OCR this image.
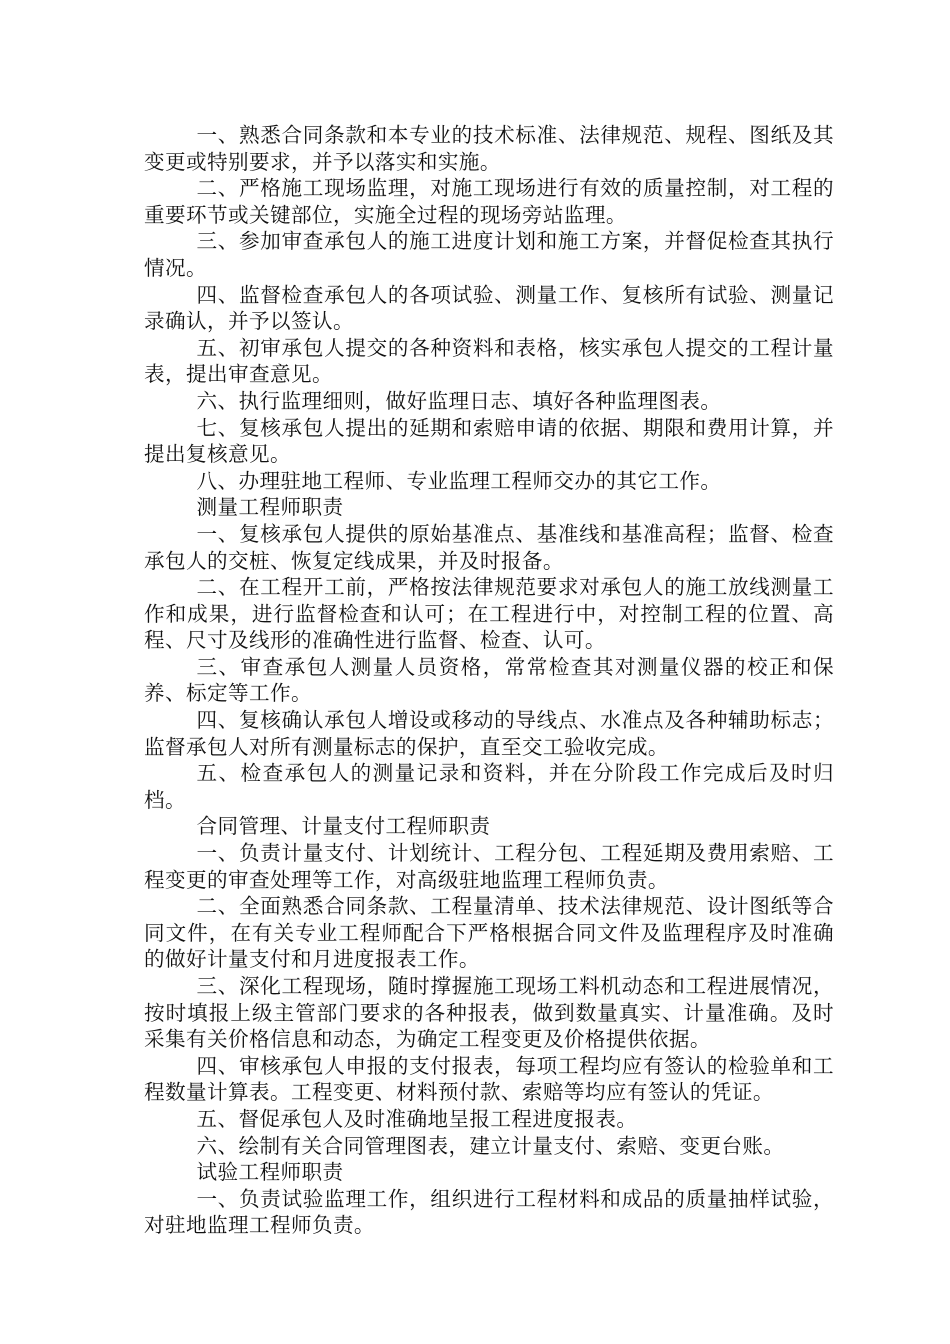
一、熟悉合同条款和本专业的技术标准、法律规范、规程、图纸及其变更或特别要求，并予以落实和实施。

二、严格施工现场监理，对施工现场进行有效的质量控制，对工程的重要环节或关键部位，实施全过程的现场旁站监理。

三、参加审查承包人的施工进度计划和施工方案，并督促检查其执行情况。

四、监督检查承包人的各项试验、测量工作、复核所有试验、测量记录确认，并予以签认。

五、初审承包人提交的各种资料和表格，核实承包人提交的工程计量表，提出审查意见。

六、执行监理细则，做好监理日志、填好各种监理图表。

七、复核承包人提出的延期和索赔申请的依据、期限和费用计算，并提出复核意见。

八、办理驻地工程师、专业监理工程师交办的其它工作。

测量工程师职责

一、复核承包人提供的原始基准点、基准线和基准高程；监督、检查承包人的交桩、恢复定线成果，并及时报备。

二、在工程开工前，严格按法律规范要求对承包人的施工放线测量工作和成果，进行监督检查和认可；在工程进行中，对控制工程的位置、高程、尺寸及线形的准确性进行监督、检查、认可。

三、审查承包人测量人员资格，常常检查其对测量仪器的校正和保养、标定等工作。

四、复核确认承包人增设或移动的导线点、水准点及各种辅助标志；监督承包人对所有测量标志的保护，直至交工验收完成。

五、检查承包人的测量记录和资料，并在分阶段工作完成后及时归档。

合同管理、计量支付工程师职责

一、负责计量支付、计划统计、工程分包、工程延期及费用索赔、工程变更的审查处理等工作，对高级驻地监理工程师负责。

二、全面熟悉合同条款、工程量清单、技术法律规范、设计图纸等合同文件，在有关专业工程师配合下严格根据合同文件及监理程序及时准确的做好计量支付和月进度报表工作。

三、深化工程现场，随时撑握施工现场工料机动态和工程进展情况，按时填报上级主管部门要求的各种报表，做到数量真实、计量准确。及时采集有关价格信息和动态，为确定工程变更及价格提供依据。

四、审核承包人申报的支付报表，每项工程均应有签认的检验单和工程数量计算表。工程变更、材料预付款、索赔等均应有签认的凭证。

五、督促承包人及时准确地呈报工程进度报表。

六、绘制有关合同管理图表，建立计量支付、索赔、变更台账。

试验工程师职责

一、负责试验监理工作，组织进行工程材料和成品的质量抽样试验，对驻地监理工程师负责。
